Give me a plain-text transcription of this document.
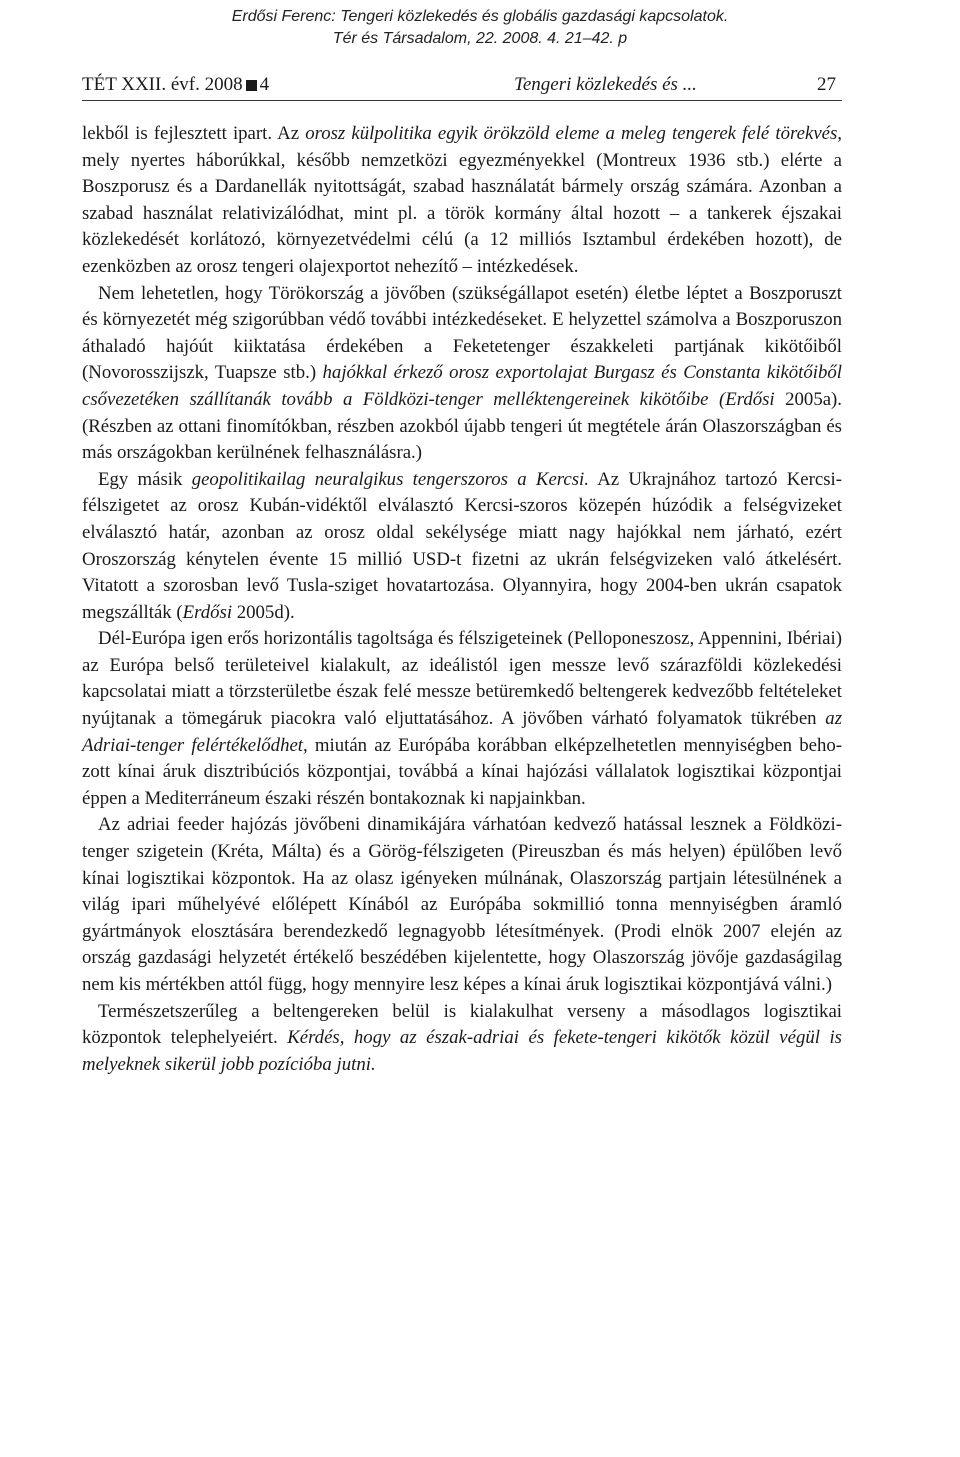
Erdősi Ferenc: Tengeri közlekedés és globális gazdasági kapcsolatok.
Tér és Társadalom, 22. 2008. 4. 21–42. p
TÉT XXII. évf. 2008 4	Tengeri közlekedés és ...	27

lekből is fejlesztett ipart. Az orosz külpolitika egyik örökzöld eleme a meleg tengerek felé törekvés, mely nyertes háborúkkal, később nemzetközi egyezményekkel (Montreux 1936 stb.) elérte a Boszporusz és a Dardanellák nyitottságát, szabad használatát bármely ország számára. Azonban a szabad használat relativizálódhat, mint pl. a török kormány által hozott – a tankerek éjszakai közlekedését korlátozó, környezetvédelmi célú (a 12 milliós Isztambul érdekében hozott), de ezenközben az orosz tengeri olajexportot nehezítő – intézkedések.

Nem lehetetlen, hogy Törökország a jövőben (szükségállapot esetén) életbe léptet a Boszporuszt és környezetét még szigorúbban védő további intézkedéseket. E helyzettel számolva a Boszporuszon áthaladó hajóút kiiktatása érdekében a Feketetenger északkeleti partjának kikötőiből (Novorosszijszk, Tuapsze stb.) hajókkal érkező orosz exportolajat Burgasz és Constanta kikötőiből csővezetéken szállítanák tovább a Földközi-tenger melléktengereinek kikötőibe (Erdősi 2005a). (Részben az ottani finomítókban, részben azokból újabb tengeri út megtétele árán Olaszországban és más országokban kerülnének felhasználásra.)

Egy másik geopolitikailag neuralgikus tengerszoros a Kercsi. Az Ukrajnához tartozó Kercsi-félszigetet az orosz Kubán-vidéktől elválasztó Kercsi-szoros közepén húzódik a felségvizeket elválasztó határ, azonban az orosz oldal sekélysége miatt nagy hajókkal nem járható, ezért Oroszország kénytelen évente 15 millió USD-t fizetni az ukrán felségvizeken való átkelésért. Vitatott a szorosban levő Tusla-sziget hovatartozása. Olyannyira, hogy 2004-ben ukrán csapatok megszállták (Erdősi 2005d).

Dél-Európa igen erős horizontális tagoltsága és félszigeteinek (Pelloponeszosz, Appennini, Ibériai) az Európa belső területeivel kialakult, az ideálistól igen messze levő szárazföldi közlekedési kapcsolatai miatt a törzsterületbe észak felé messze betüremkedő beltengerek kedvezőbb feltételeket nyújtanak a tömegáruk piacokra való eljuttatásához. A jövőben várható folyamatok tükrében az Adriai-tenger felértékelődhet, miután az Európába korábban elképzelhetetlen mennyiségben behozott kínai áruk disztribúciós központjai, továbbá a kínai hajózási vállalatok logisztikai központjai éppen a Mediterráneum északi részén bontakoznak ki napjainkban.

Az adriai feeder hajózás jövőbeni dinamikájára várhatóan kedvező hatással lesznek a Földközi-tenger szigetein (Kréta, Málta) és a Görög-félszigeten (Pireuszban és más helyen) épülőben levő kínai logisztikai központok. Ha az olasz igényeken múlnának, Olaszország partjain létesülnének a világ ipari műhelyévé előlépett Kínából az Európába sokmillió tonna mennyiségben áramló gyártmányok elosztására berendezkedő legnagyobb létesítmények. (Prodi elnök 2007 elején az ország gazdasági helyzetét értékelő beszédében kijelentette, hogy Olaszország jövője gazdaságilag nem kis mértékben attól függ, hogy mennyire lesz képes a kínai áruk logisztikai központjává válni.)

Természetszerűleg a beltengereken belül is kialakulhat verseny a másodlagos logisztikai központok telephelyeiért. Kérdés, hogy az észak-adriai és fekete-tengeri kikötők közül végül is melyeknek sikerül jobb pozícióba jutni.
